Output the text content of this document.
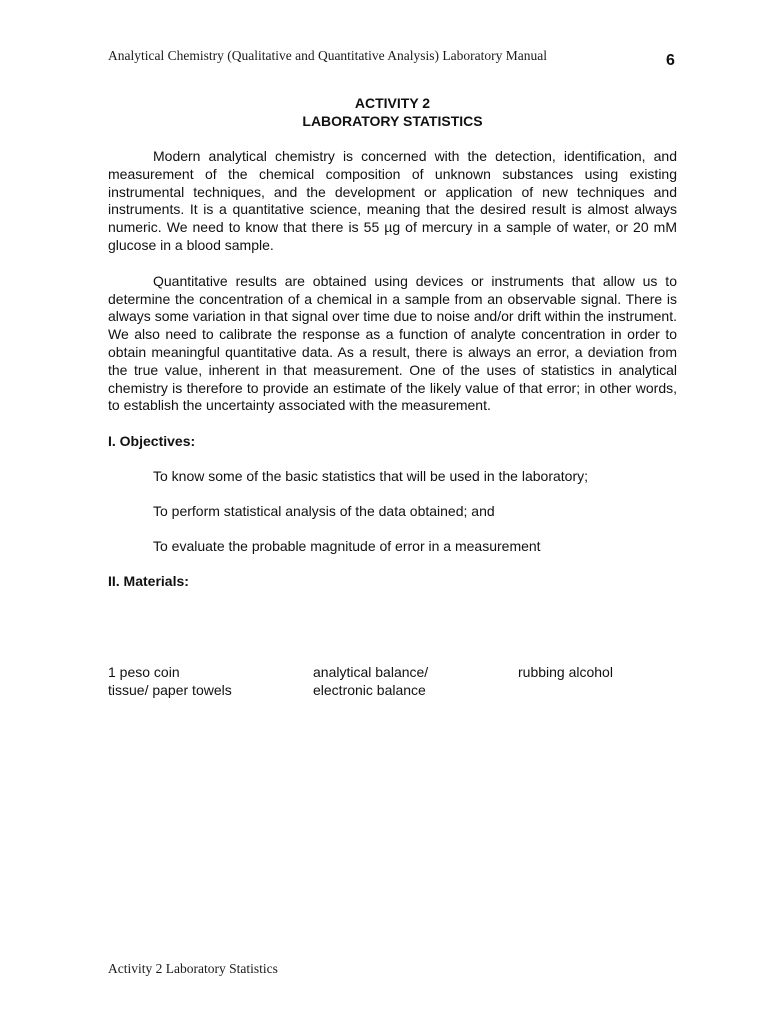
Analytical Chemistry (Qualitative and Quantitative Analysis) Laboratory Manual	6
ACTIVITY 2
LABORATORY STATISTICS

Modern analytical chemistry is concerned with the detection, identification, and measurement of the chemical composition of unknown substances using existing instrumental techniques, and the development or application of new techniques and instruments. It is a quantitative science, meaning that the desired result is almost always numeric. We need to know that there is 55 µg of mercury in a sample of water, or 20 mM glucose in a blood sample.

Quantitative results are obtained using devices or instruments that allow us to determine the concentration of a chemical in a sample from an observable signal. There is always some variation in that signal over time due to noise and/or drift within the instrument. We also need to calibrate the response as a function of analyte concentration in order to obtain meaningful quantitative data. As a result, there is always an error, a deviation from the true value, inherent in that measurement. One of the uses of statistics in analytical chemistry is therefore to provide an estimate of the likely value of that error; in other words, to establish the uncertainty associated with the measurement.

I. Objectives:
To know some of the basic statistics that will be used in the laboratory;
To perform statistical analysis of the data obtained; and
To evaluate the probable magnitude of error in a measurement
II. Materials:
1 peso coin
tissue/ paper towels
analytical balance/
electronic balance
rubbing alcohol
Activity 2 Laboratory Statistics
